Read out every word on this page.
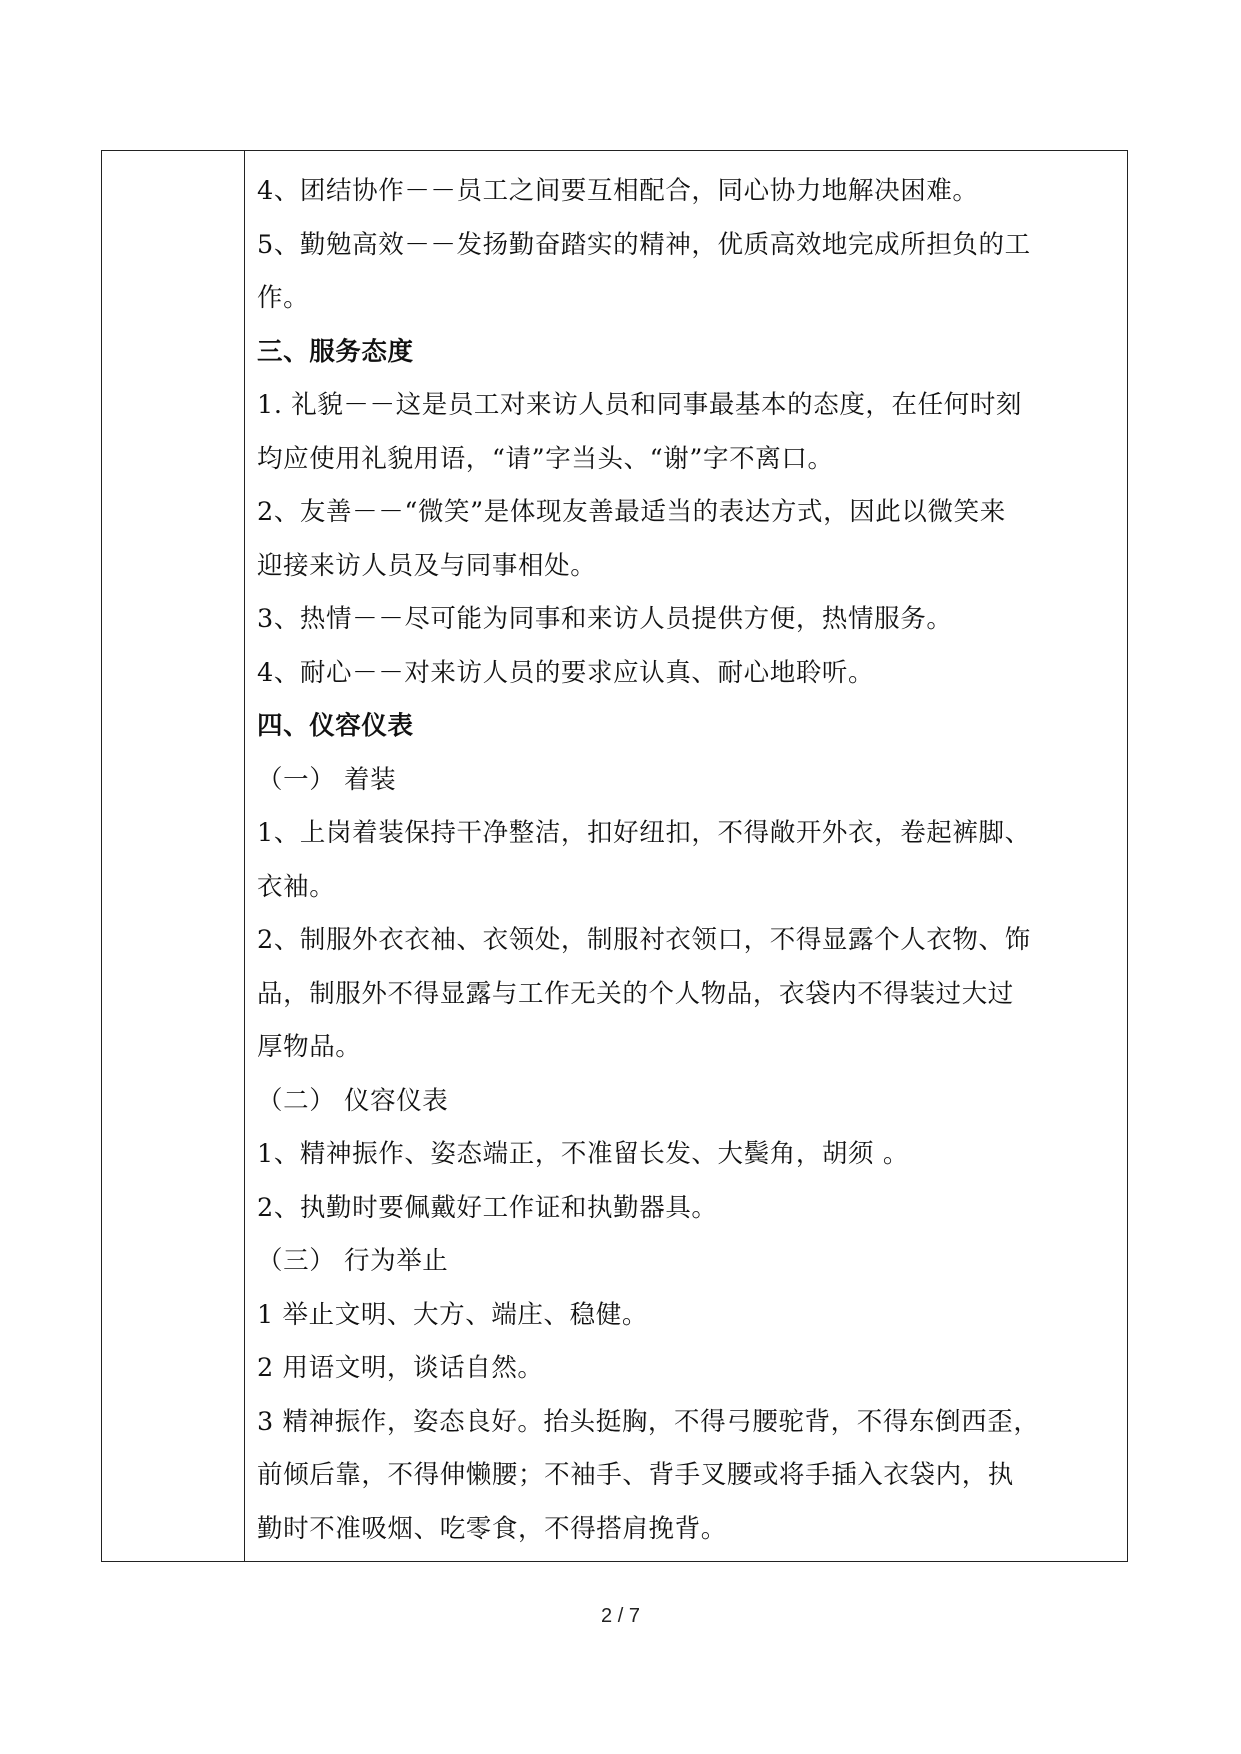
4、团结协作－－员工之间要互相配合，同心协力地解决困难。
5、勤勉高效－－发扬勤奋踏实的精神，优质高效地完成所担负的工
作。
三、服务态度
1. 礼貌－－这是员工对来访人员和同事最基本的态度，在任何时刻
均应使用礼貌用语，“请”字当头、“谢”字不离口。
2、友善－－“微笑”是体现友善最适当的表达方式，因此以微笑来
迎接来访人员及与同事相处。
3、热情－－尽可能为同事和来访人员提供方便，热情服务。
4、耐心－－对来访人员的要求应认真、耐心地聆听。
四、仪容仪表
（一） 着装
1、上岗着装保持干净整洁，扣好纽扣，不得敞开外衣，卷起裤脚、
衣袖。
2、制服外衣衣袖、衣领处，制服衬衣领口，不得显露个人衣物、饰
品，制服外不得显露与工作无关的个人物品，衣袋内不得装过大过
厚物品。
（二） 仪容仪表
1、精神振作、姿态端正，不准留长发、大鬓角，胡须 。
2、执勤时要佩戴好工作证和执勤器具。
（三） 行为举止
1 举止文明、大方、端庄、稳健。
2 用语文明，谈话自然。
3 精神振作，姿态良好。抬头挺胸，不得弓腰驼背，不得东倒西歪，
前倾后靠，不得伸懒腰；不袖手、背手叉腰或将手插入衣袋内，执
勤时不准吸烟、吃零食，不得搭肩挽背。
2 / 7
